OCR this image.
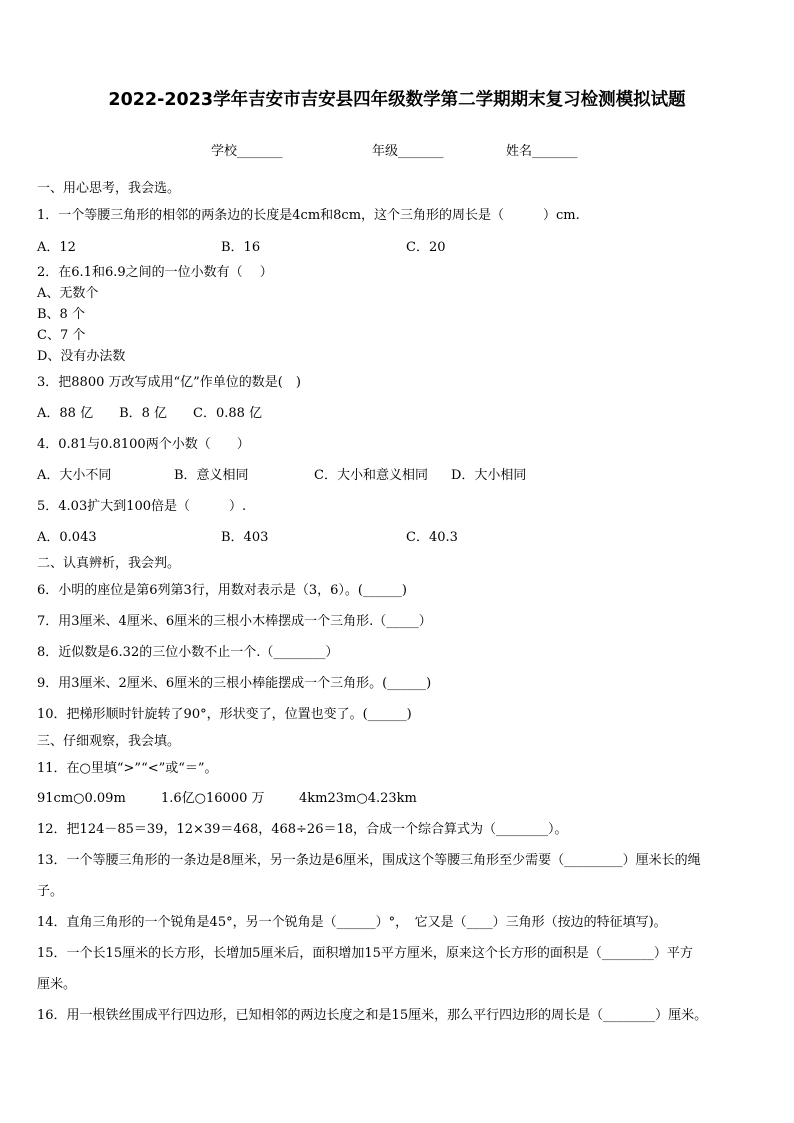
2022-2023学年吉安市吉安县四年级数学第二学期期末复习检测模拟试题
学校_______	年级_______	姓名_______
一、用心思考，我会选。
1．一个等腰三角形的相邻的两条边的长度是4cm和8cm，这个三角形的周长是（　　　）cm.
A．12	B．16	C．20
2．在6.1和6.9之间的一位小数有（　 ）
A、无数个
B、8 个
C、7 个
D、没有办法数
3．把8800 万改写成用“亿”作单位的数是(　)
A．88 亿　　B．8 亿　　C．0.88 亿
4．0.81与0.8100两个小数（　　）
A．大小不同	B．意义相同	C．大小和意义相同 D．大小相同
5．4.03扩大到100倍是（　　　）.
A．0.043	B．403	C．40.3
二、认真辨析，我会判。
6．小明的座位是第6列第3行，用数对表示是（3，6）。(______)
7．用3厘米、4厘米、6厘米的三根小木棒摆成一个三角形.（_____）
8．近似数是6.32的三位小数不止一个.（________）
9．用3厘米、2厘米、6厘米的三根小棒能摆成一个三角形。(______)
10．把梯形顺时针旋转了90°，形状变了，位置也变了。(______)
三、仔细观察，我会填。
11．在○里填“>”“<”或“＝”。
91cm○0.09m	1.6亿○16000 万	4km23m○4.23km
12．把124－85＝39，12×39＝468，468÷26＝18，合成一个综合算式为（________）。
13．一个等腰三角形的一条边是8厘米，另一条边是6厘米，围成这个等腰三角形至少需要（_________）厘米长的绳
子。
14．直角三角形的一个锐角是45°，另一个锐角是（______）°，　它又是（____）三角形（按边的特征填写)。
15．一个长15厘米的长方形，长增加5厘米后，面积增加15平方厘米，原来这个长方形的面积是（________）平方
厘米。
16．用一根铁丝围成平行四边形，已知相邻的两边长度之和是15厘米，那么平行四边形的周长是（________）厘米。
